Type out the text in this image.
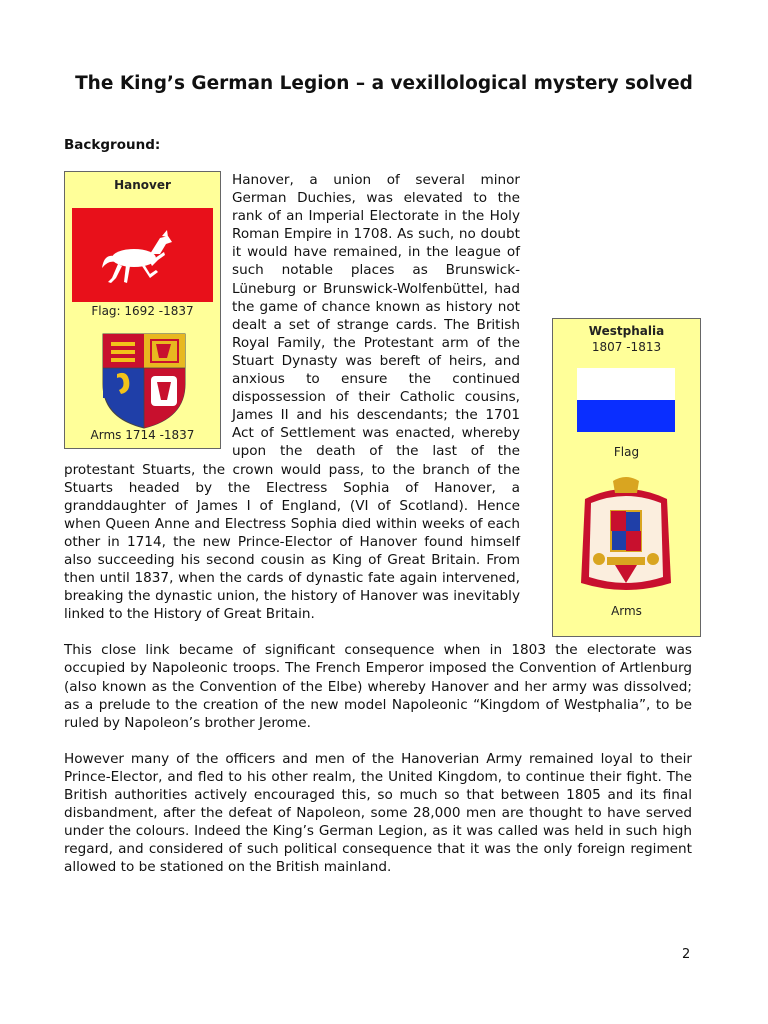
The King’s German Legion – a vexillological mystery solved
Background:
Hanover
Flag: 1692 -1837
Arms 1714 -1837
Westphalia
1807 -1813
Flag
Arms

Hanover, a union of several minor German Duchies, was elevated to the rank of an Imperial Electorate in the Holy Roman Empire in 1708. As such, no doubt it would have remained, in the league of such notable places as Brunswick-Lüneburg or Brunswick-Wolfenbüttel, had the game of chance known as history not dealt a set of strange cards. The British Royal Family, the Protestant arm of the Stuart Dynasty was bereft of heirs, and anxious to ensure the continued dispossession of their Catholic cousins, James II and his descendants; the 1701 Act of Settlement was enacted, whereby upon the death of the last of the protestant Stuarts, the crown would pass, to the branch of the Stuarts headed by the Electress Sophia of Hanover, a granddaughter of James I of England, (VI of Scotland). Hence when Queen Anne and Electress Sophia died within weeks of each other in 1714, the new Prince-Elector of Hanover found himself also succeeding his second cousin as King of Great Britain. From then until 1837, when the cards of dynastic fate again intervened, breaking the dynastic union, the history of Hanover was inevitably linked to the History of Great Britain.

This close link became of significant consequence when in 1803 the electorate was occupied by Napoleonic troops. The French Emperor imposed the Convention of Artlenburg (also known as the Convention of the Elbe) whereby Hanover and her army was dissolved; as a prelude to the creation of the new model Napoleonic “Kingdom of Westphalia”, to be ruled by Napoleon’s brother Jerome.

However many of the officers and men of the Hanoverian Army remained loyal to their Prince-Elector, and fled to his other realm, the United Kingdom, to continue their fight. The British authorities actively encouraged this, so much so that between 1805 and its final disbandment, after the defeat of Napoleon, some 28,000 men are thought to have served under the colours. Indeed the King’s German Legion, as it was called was held in such high regard, and considered of such political consequence that it was the only foreign regiment allowed to be stationed on the British mainland.

2
